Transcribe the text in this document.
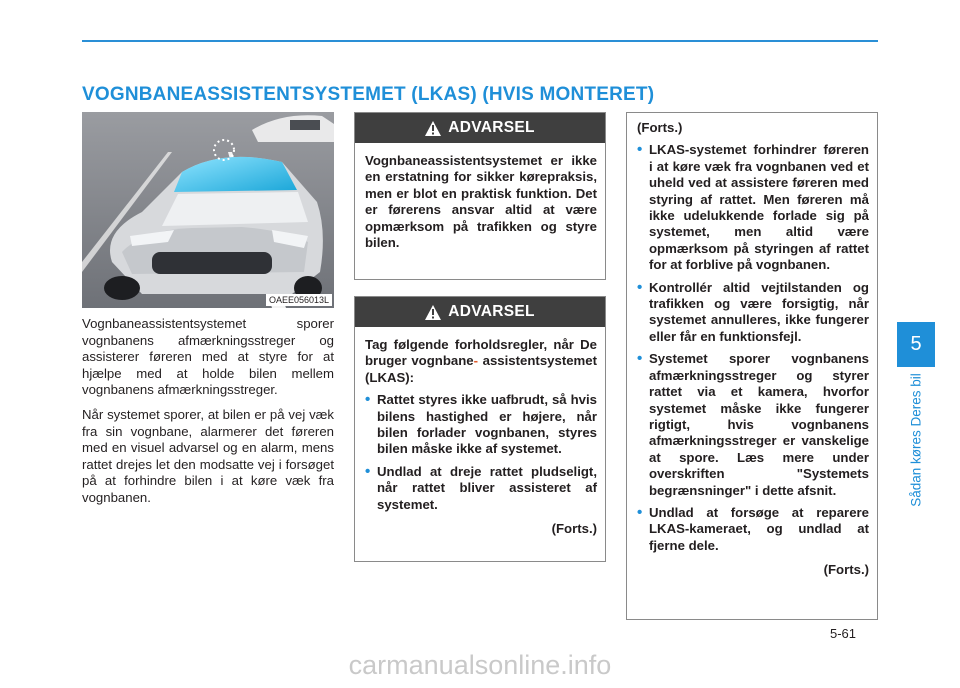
VOGNBANEASSISTENTSYSTEMET (LKAS) (HVIS MONTERET)
OAEE056013L

Vognbaneassistentsystemet sporer vognbanens afmærkningsstreger og assisterer føreren med at styre for at hjælpe med at holde bilen mellem vognbanens afmærkningsstreger.

Når systemet sporer, at bilen er på vej væk fra sin vognbane, alarmerer det føreren med en visuel advarsel og en alarm, mens rattet drejes let den modsatte vej i forsøget på at forhindre bilen i at køre væk fra vognbanen.

ADVARSEL

Vognbaneassistentsystemet er ikke en erstatning for sikker kørepraksis, men er blot en praktisk funktion. Det er førerens ansvar altid at være opmærksom på trafikken og styre bilen.

ADVARSEL

Tag følgende forholdsregler, når De bruger vognbane- assistentsystemet (LKAS):

• Rattet styres ikke uafbrudt, så hvis bilens hastighed er højere, når bilen forlader vognbanen, styres bilen måske ikke af systemet.
• Undlad at dreje rattet pludseligt, når rattet bliver assisteret af systemet.
(Forts.)

(Forts.)

• LKAS-systemet forhindrer føreren i at køre væk fra vognbanen ved et uheld ved at assistere føreren med styring af rattet. Men føreren må ikke udelukkende forlade sig på systemet, men altid være opmærksom på styringen af rattet for at forblive på vognbanen.
• Kontrollér altid vejtilstanden og trafikken og være forsigtig, når systemet annulleres, ikke fungerer eller får en funktionsfejl.
• Systemet sporer vognbanens afmærkningsstreger og styrer rattet via et kamera, hvorfor systemet måske ikke fungerer rigtigt, hvis vognbanens afmærkningsstreger er vanskelige at spore. Læs mere under overskriften "Systemets begrænsninger" i dette afsnit.
• Undlad at forsøge at reparere LKAS-kameraet, og undlad at fjerne dele.
(Forts.)
5
Sådan køres Deres bil
5-61
carmanualsonline.info
